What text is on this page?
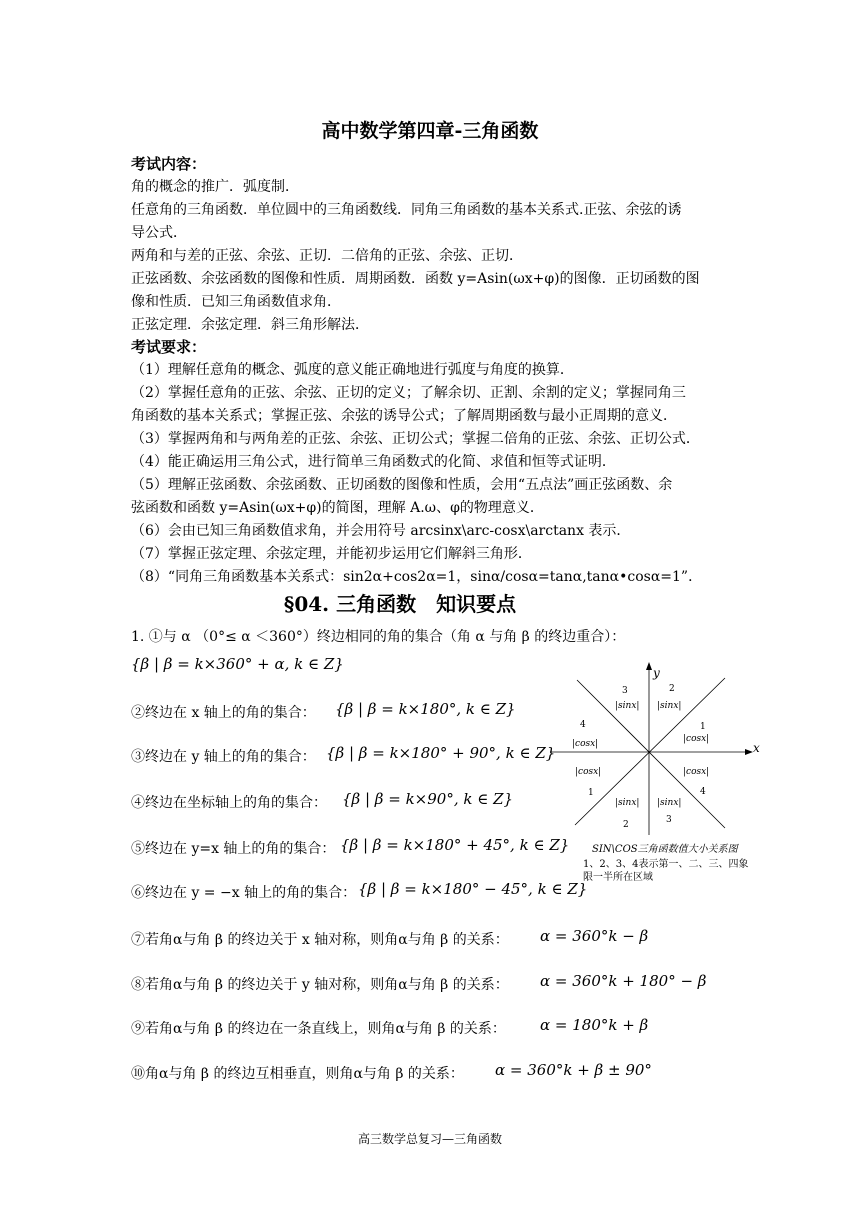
高中数学第四章-三角函数
考试内容：
角的概念的推广．弧度制．
任意角的三角函数．单位圆中的三角函数线．同角三角函数的基本关系式.正弦、余弦的诱
导公式．
两角和与差的正弦、余弦、正切．二倍角的正弦、余弦、正切．
正弦函数、余弦函数的图像和性质．周期函数．函数 y=Asin(ωx+φ)的图像．正切函数的图
像和性质．已知三角函数值求角．
正弦定理．余弦定理．斜三角形解法．
考试要求：
（1）理解任意角的概念、弧度的意义能正确地进行弧度与角度的换算．
（2）掌握任意角的正弦、余弦、正切的定义；了解余切、正割、余割的定义；掌握同角三
角函数的基本关系式；掌握正弦、余弦的诱导公式；了解周期函数与最小正周期的意义．
（3）掌握两角和与两角差的正弦、余弦、正切公式；掌握二倍角的正弦、余弦、正切公式．
（4）能正确运用三角公式，进行简单三角函数式的化简、求值和恒等式证明．
（5）理解正弦函数、余弦函数、正切函数的图像和性质，会用“五点法”画正弦函数、余
弦函数和函数 y=Asin(ωx+φ)的简图，理解 A.ω、φ的物理意义．
（6）会由已知三角函数值求角，并会用符号 arcsinx\arc-cosx\arctanx 表示．
（7）掌握正弦定理、余弦定理，并能初步运用它们解斜三角形．
（8）“同角三角函数基本关系式：sin2α+cos2α=1，sinα/cosα=tanα,tanα•cosα=1”．
§04. 三角函数　知识要点
1. ①与 α （0°≤ α ＜360°）终边相同的角的集合（角 α 与角 β 的终边重合）：
{β | β = k×360° + α, k ∈ Z}
②终边在 x 轴上的角的集合： {β | β = k×180°, k ∈ Z}
③终边在 y 轴上的角的集合： {β | β = k×180° + 90°, k ∈ Z}
④终边在坐标轴上的角的集合： {β | β = k×90°, k ∈ Z}
⑤终边在 y=x 轴上的角的集合： {β | β = k×180° + 45°, k ∈ Z}
⑥终边在 y = −x 轴上的角的集合： {β | β = k×180° − 45°, k ∈ Z}
⑦若角α与角 β 的终边关于 x 轴对称，则角α与角 β 的关系： α = 360°k − β
⑧若角α与角 β 的终边关于 y 轴对称，则角α与角 β 的关系： α = 360°k + 180° − β
⑨若角α与角 β 的终边在一条直线上，则角α与角 β 的关系： α = 180°k + β
⑩角α与角 β 的终边互相垂直，则角α与角 β 的关系： α = 360°k + β ± 90°
x
y
3
|sinx|
2
|sinx|
4
|cosx|
1
|cosx|
|cosx|	|cosx|
1	4
|sinx| |sinx|
2	3
SIN\COS三角函数值大小关系图
1、2、3、4表示第一、二、三、四象限一半所在区域
高三数学总复习—三角函数
